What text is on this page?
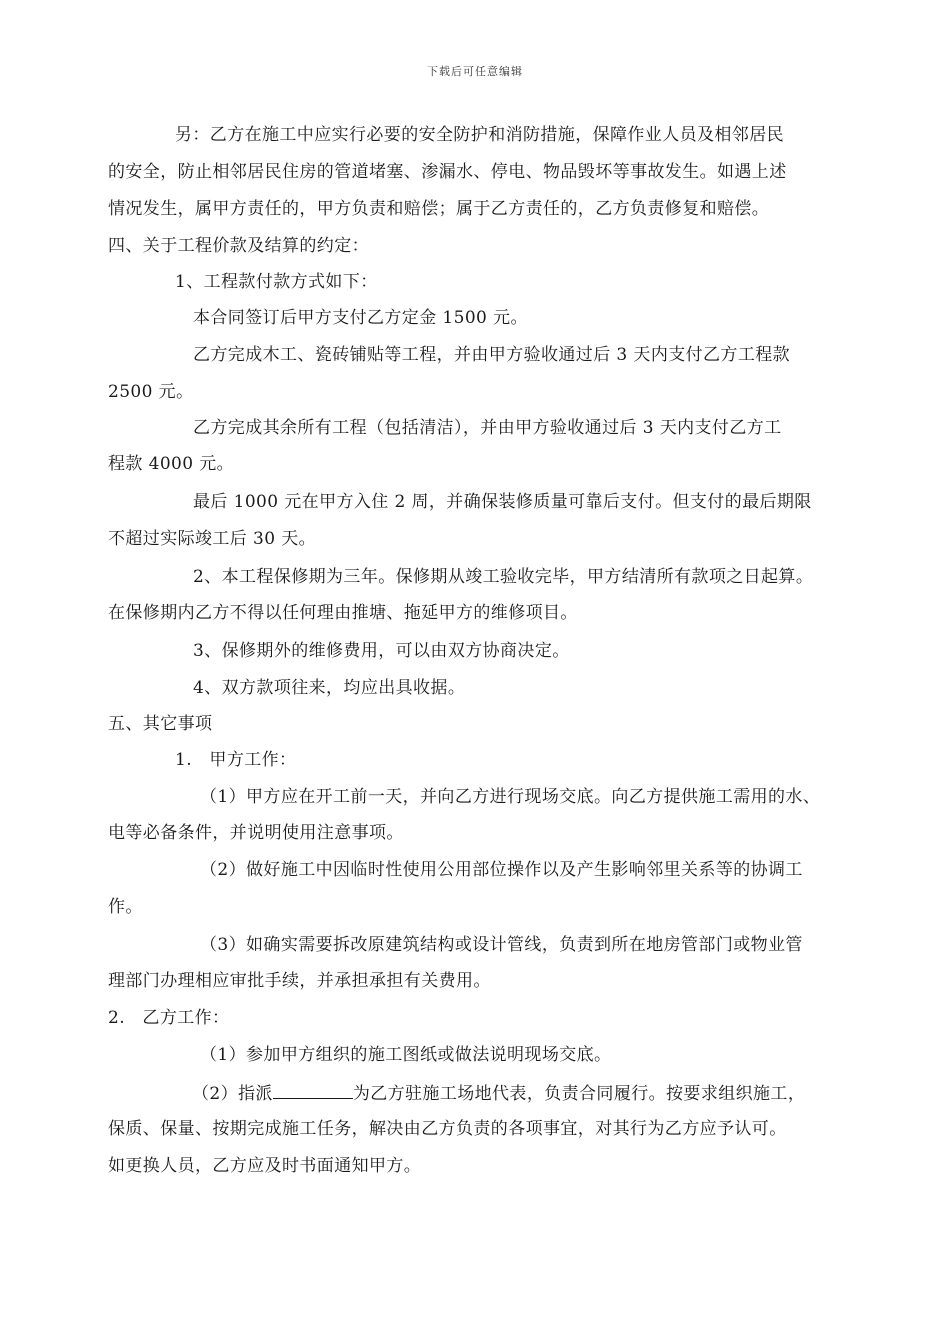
下载后可任意编辑
另：乙方在施工中应实行必要的安全防护和消防措施，保障作业人员及相邻居民
的安全，防止相邻居民住房的管道堵塞、渗漏水、停电、物品毁坏等事故发生。如遇上述
情况发生，属甲方责任的，甲方负责和赔偿；属于乙方责任的，乙方负责修复和赔偿。
四、关于工程价款及结算的约定：
1、工程款付款方式如下：
本合同签订后甲方支付乙方定金 1500 元。
乙方完成木工、瓷砖铺贴等工程，并由甲方验收通过后 3 天内支付乙方工程款
2500 元。
乙方完成其余所有工程（包括清洁），并由甲方验收通过后 3 天内支付乙方工
程款 4000 元。
最后 1000 元在甲方入住 2 周，并确保装修质量可靠后支付。但支付的最后期限
不超过实际竣工后 30 天。
2、本工程保修期为三年。保修期从竣工验收完毕，甲方结清所有款项之日起算。
在保修期内乙方不得以任何理由推塘、拖延甲方的维修项目。
3、保修期外的维修费用，可以由双方协商决定。
4、双方款项往来，均应出具收据。
五、其它事项
1.　甲方工作：
（1）甲方应在开工前一天，并向乙方进行现场交底。向乙方提供施工需用的水、
电等必备条件，并说明使用注意事项。
（2）做好施工中因临时性使用公用部位操作以及产生影响邻里关系等的协调工
作。
（3）如确实需要拆改原建筑结构或设计管线，负责到所在地房管部门或物业管
理部门办理相应审批手续，并承担承担有关费用。
2.　乙方工作：
（1）参加甲方组织的施工图纸或做法说明现场交底。
（2）指派	为乙方驻施工场地代表，负责合同履行。按要求组织施工，
保质、保量、按期完成施工任务，解决由乙方负责的各项事宜，对其行为乙方应予认可。
如更换人员，乙方应及时书面通知甲方。
